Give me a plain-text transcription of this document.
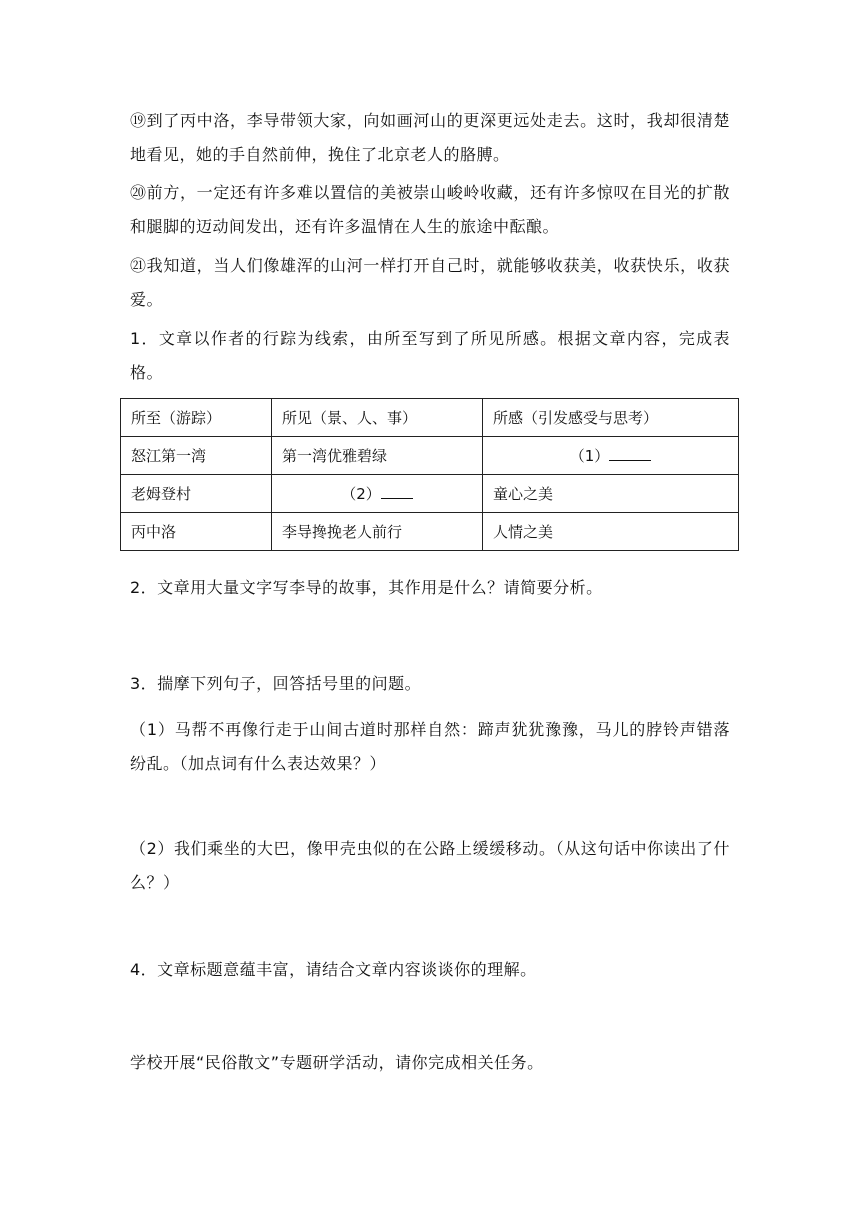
⑲到了丙中洛，李导带领大家，向如画河山的更深更远处走去。这时，我却很清楚地看见，她的手自然前伸，挽住了北京老人的胳膊。

⑳前方，一定还有许多难以置信的美被崇山峻岭收藏，还有许多惊叹在目光的扩散和腿脚的迈动间发出，还有许多温情在人生的旅途中酝酿。

㉑我知道，当人们像雄浑的山河一样打开自己时，就能够收获美，收获快乐，收获爱。

1．文章以作者的行踪为线索，由所至写到了所见所感。根据文章内容，完成表格。

所至（游踪）	所见（景、人、事）	所感（引发感受与思考）
怒江第一湾	第一湾优雅碧绿	（1）
老姆登村	（2）	童心之美
丙中洛	李导搀挽老人前行	人情之美

2．文章用大量文字写李导的故事，其作用是什么？请简要分析。

3．揣摩下列句子，回答括号里的问题。

（1）马帮不再像行走于山间古道时那样自然：蹄声犹犹豫豫，马儿的脖铃声错落纷乱。（加点词有什么表达效果？）

（2）我们乘坐的大巴，像甲壳虫似的在公路上缓缓移动。（从这句话中你读出了什么？）

4．文章标题意蕴丰富，请结合文章内容谈谈你的理解。

学校开展“民俗散文”专题研学活动，请你完成相关任务。
